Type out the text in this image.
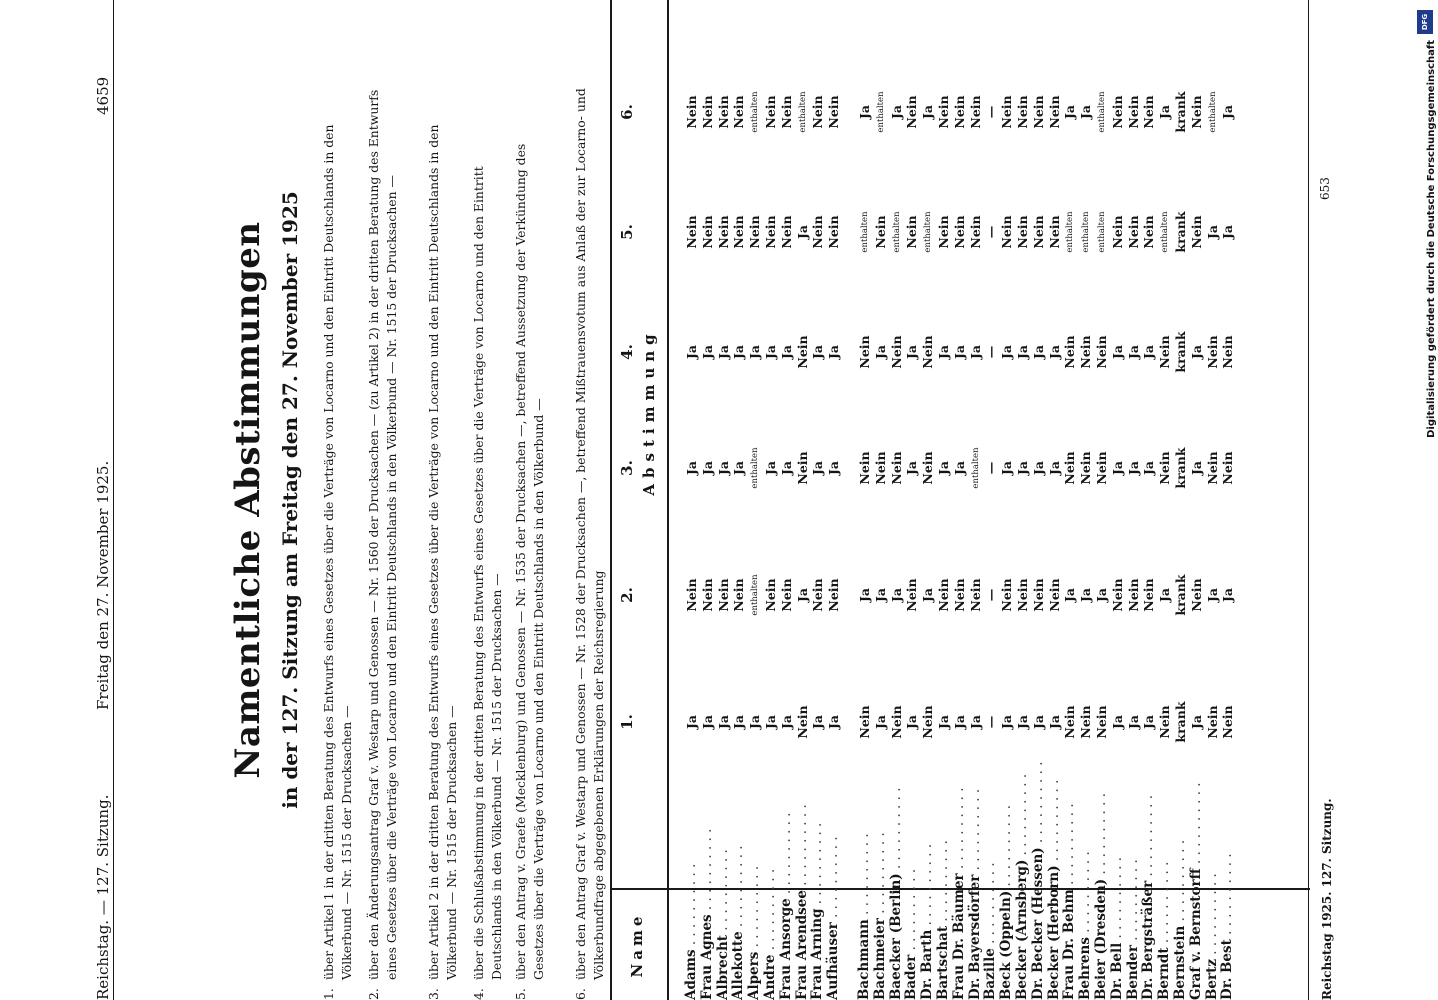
Reichstag. — 127. Sitzung.
Freitag den 27. November 1925.
4659
Namentliche Abstimmungen in der 127. Sitzung am Freitag den 27. November 1925
1.
über Artikel 1 in der dritten Beratung des Entwurfs eines Gesetzes über die Verträge von Locarno und den Eintritt Deutschlands in den Völkerbund — Nr. 1515 der Drucksachen —
2.
über den Änderungsantrag Graf v. Westarp und Genossen — Nr. 1560 der Drucksachen — (zu Artikel 2) in der dritten Beratung des Entwurfs eines Gesetzes über die Verträge von Locarno und den Eintritt Deutschlands in den Völkerbund — Nr. 1515 der Drucksachen —
3.
über Artikel 2 in der dritten Beratung des Entwurfs eines Gesetzes über die Verträge von Locarno und den Eintritt Deutschlands in den Völkerbund — Nr. 1515 der Drucksachen —
4.
über die Schlußabstimmung in der dritten Beratung des Entwurfs eines Gesetzes über die Verträge von Locarno und den Eintritt Deutschlands in den Völkerbund — Nr. 1515 der Drucksachen —
5.
über den Antrag v. Graefe (Mecklenburg) und Genossen — Nr. 1535 der Drucksachen —, betreffend Aussetzung der Verkündung des Gesetzes über die Verträge von Locarno und den Eintritt Deutschlands in den Völkerbund —
6.
über den Antrag Graf v. Westarp und Genossen — Nr. 1528 der Drucksachen —, betreffend Mißtrauensvotum aus Anlaß der zur Locarno- und Völkerbundfrage abgegebenen Erklärungen der Reichsregierung Name
1.
2.
3.
4.
5.
6.
Abstimmung
Adams . . . . . . . . . .
Ja
Nein
Ja
Ja
Nein
Nein
Frau Agnes . . . . . . . . . .
Ja
Nein
Ja
Ja
Nein
Nein
Albrecht . . . . . . . . . .
Ja
Nein
Ja
Ja
Nein
Nein
Allekotte . . . . . . . . . .
Ja
Nein
Ja
Ja
Nein
Nein
Alpers . . . . . . . . . .
Ja
enthalten
enthalten
Ja
Nein
enthalten
Andre . . . . . . . . . .
Ja
Nein
Ja
Ja
Nein
Nein
Frau Ansorge . . . . . . . . . .
Ja
Nein
Ja
Ja
Nein
Nein
Frau Arendsee . . . . . . . . . .
Nein
Ja
Nein
Nein
Ja
enthalten
Frau Arning . . . . . . . . . .
Ja
Nein
Ja
Ja
Nein
Nein
Aufhäuser . . . . . . . . . .
Ja
Nein
Ja
Ja
Nein
Nein
Bachmann . . . . . . . . . .
Nein
Ja
Nein
Nein
enthalten
Ja
Bachmeier . . . . . . . . . .
Ja
Ja
Nein
Ja
Nein
enthalten
Baecker (Berlin) . . . . . . . . . .
Nein
Ja
Nein
Nein
enthalten
Ja
Bader . . . . . . . . . .
Ja
Nein
Ja
Ja
Nein
Nein
Dr. Barth . . . . . . . . . .
Nein
Ja
Nein
Nein
enthalten
Ja
Bartschat . . . . . . . . . .
Ja
Nein
Ja
Ja
Nein
Nein
Frau Dr. Bäumer . . . . . . . . . .
Ja
Nein
Ja
Ja
Nein
Nein
Dr. Bayersdörfer . . . . . . . . . .
Ja
Nein
enthalten
Ja
Nein
Nein
Bazille . . . . . . . . . .
—
—
—
—
—
—
Beck (Oppeln) . . . . . . . . . .
Ja
Nein
Ja
Ja
Nein
Nein
Becker (Arnsberg) . . . . . . . . . .
Ja
Nein
Ja
Ja
Nein
Nein
Dr. Becker (Hessen) . . . . . . . . . .
Ja
Nein
Ja
Ja
Nein
Nein
Becker (Herborn) . . . . . . . . . .
Ja
Nein
Ja
Ja
Nein
Nein
Frau Dr. Behm . . . . . . . . . .
Nein
Ja
Nein
Nein
enthalten
Ja
Behrens . . . . . . . . . .
Nein
Ja
Nein
Nein
enthalten
Ja
Beier (Dresden) . . . . . . . . . .
Nein
Ja
Nein
Nein
enthalten
enthalten
Dr. Bell . . . . . . . . . .
Ja
Nein
Ja
Ja
Nein
Nein
Bender . . . . . . . . . .
Ja
Nein
Ja
Ja
Nein
Nein
Dr. Bergsträßer . . . . . . . . . .
Ja
Nein
Ja
Ja
Nein
Nein
Berndt . . . . . . . . . .
Nein
Ja
Nein
Nein
enthalten
Ja
Bernstein . . . . . . . . . .
krank
krank
krank
krank
krank
krank
Graf v. Bernstorff . . . . . . . . . .
Ja
Nein
Ja
Ja
Nein
Nein
Bertz . . . . . . . . . .
Nein
Ja
Nein
Nein
Ja
enthalten
Dr. Best . . . . . . . . . .
Nein
Ja
Nein
Nein
Ja
Ja
Reichstag 1925. 127. Sitzung.
653
DFG
Digitalisierung gefördert durch die Deutsche Forschungsgemeinschaft
